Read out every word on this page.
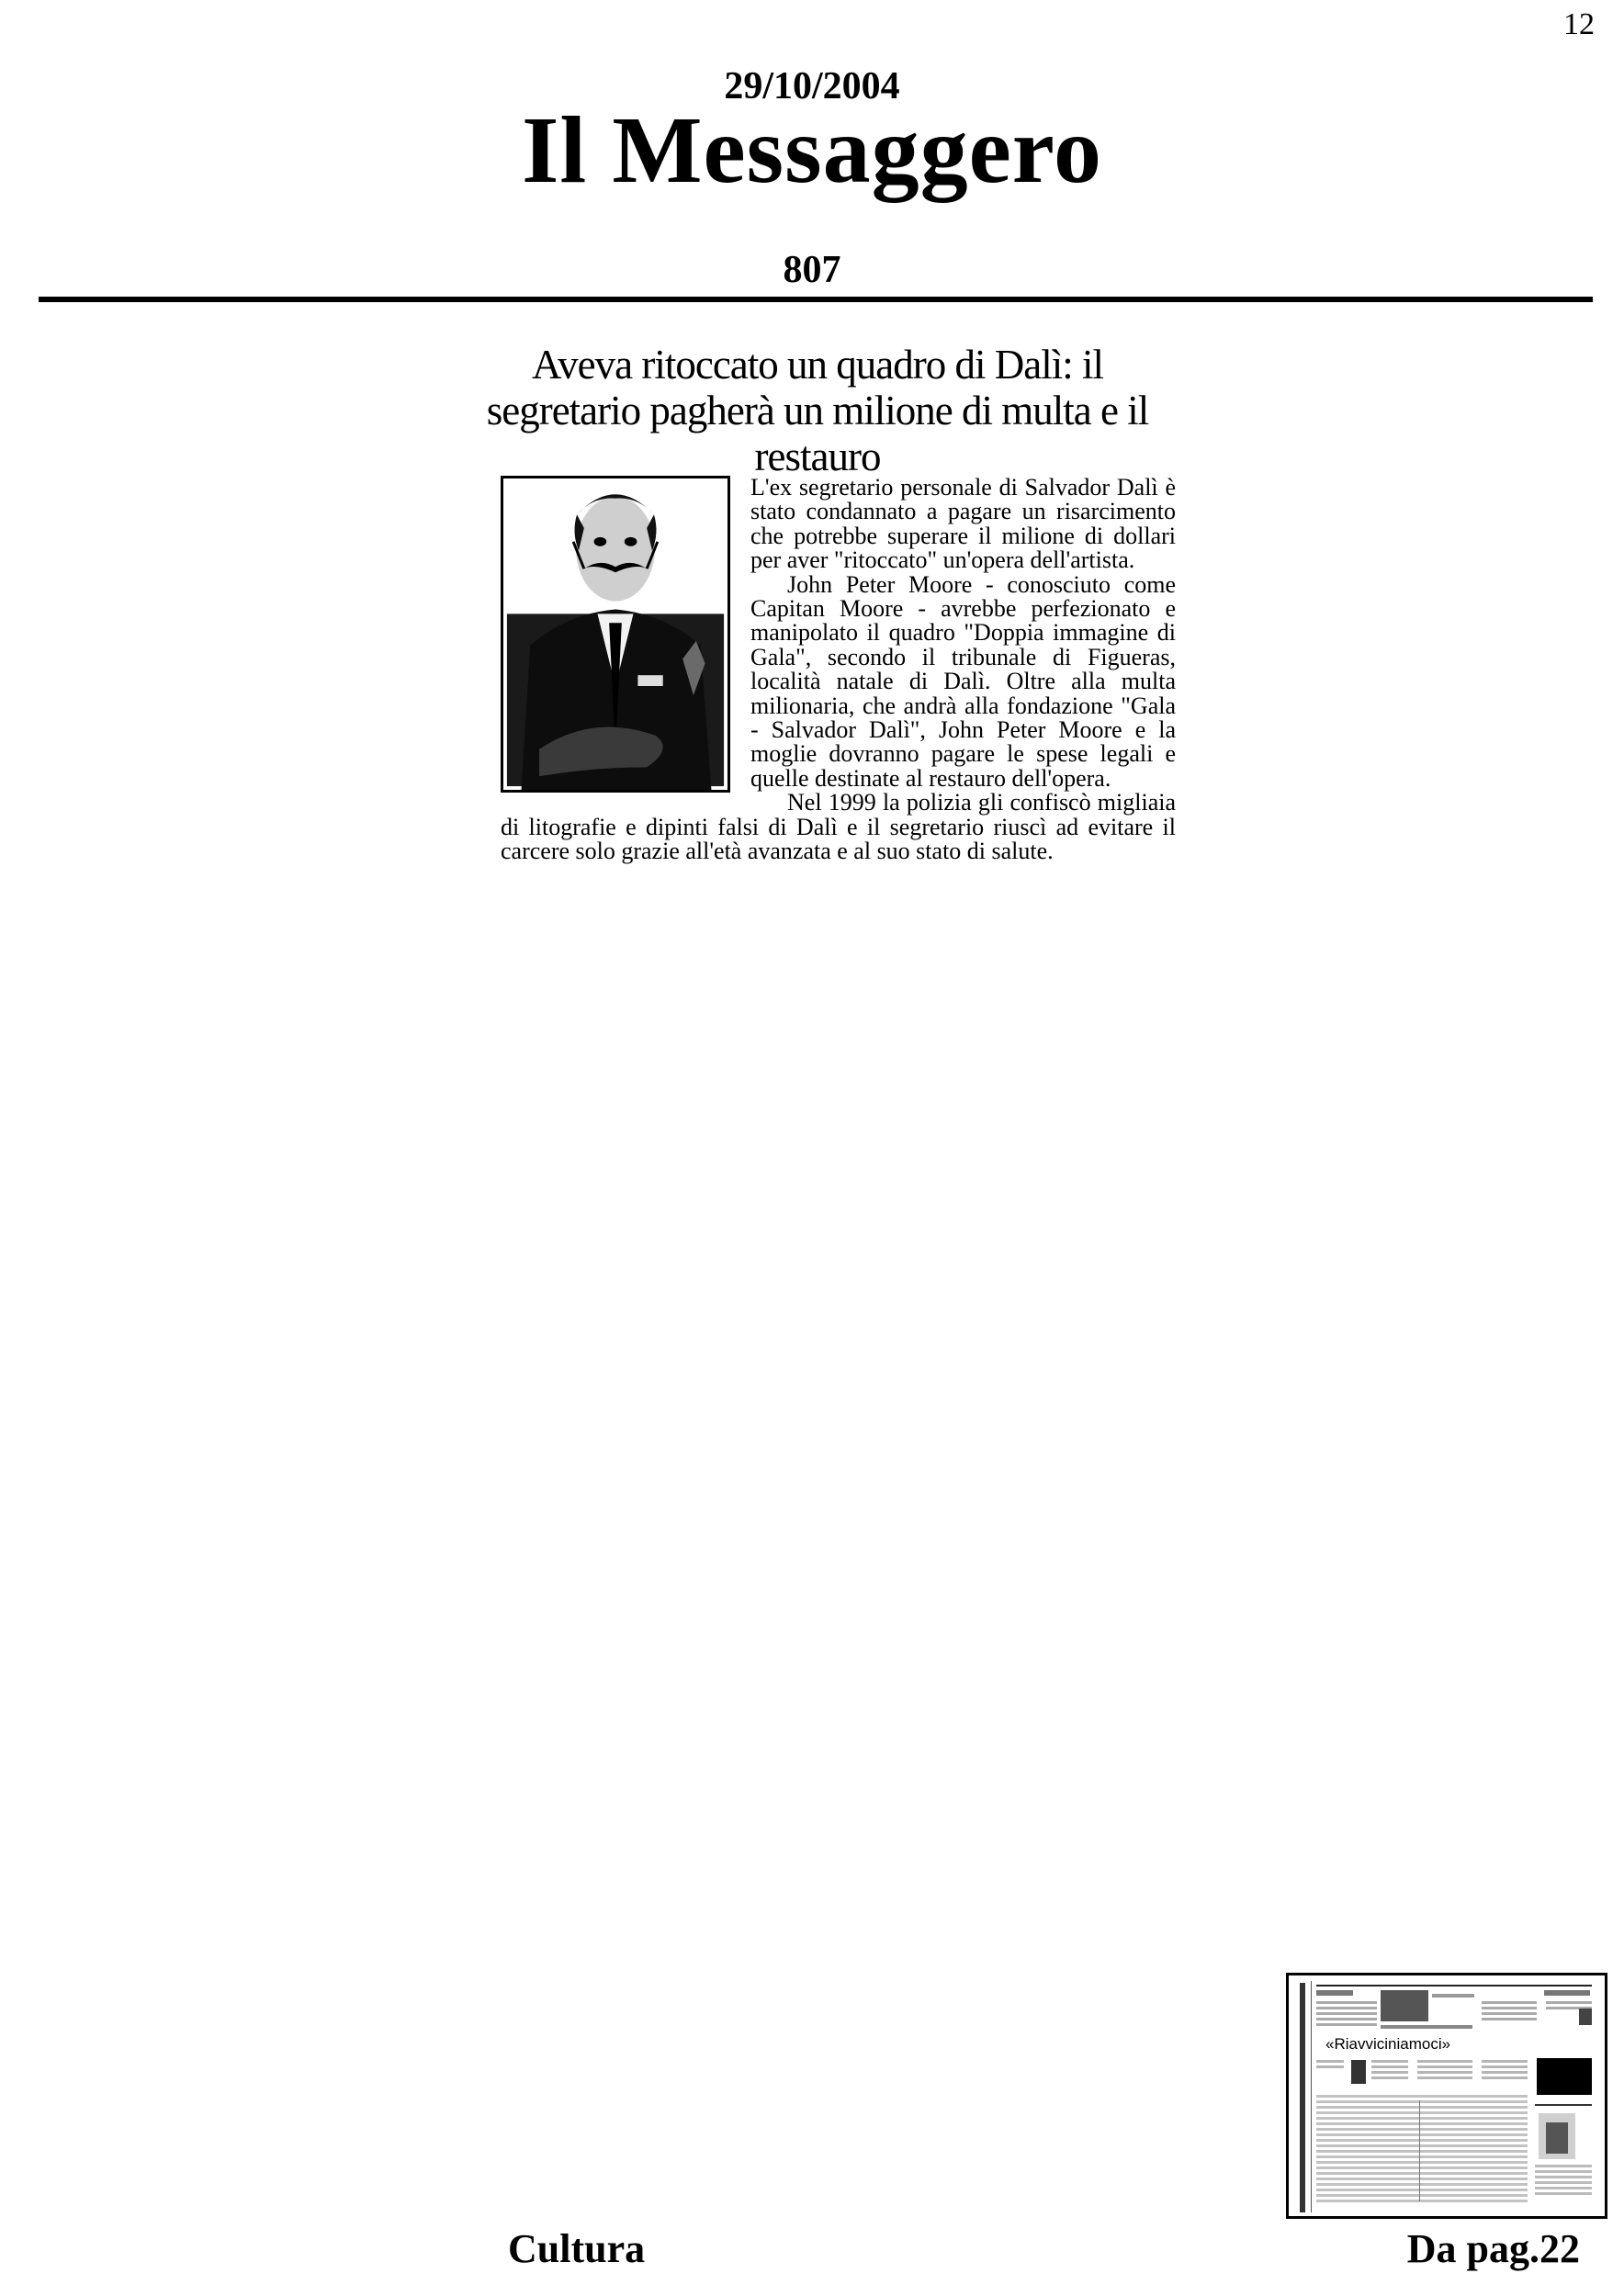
12
29/10/2004
Il Messaggero
807
Aveva ritoccato un quadro di Dalì: il segretario pagherà un milione di multa e il restauro

L'ex segretario personale di Salvador Dalì è stato condannato a pagare un risarcimento che potrebbe superare il milione di dollari per aver "ritoccato" un'opera dell'artista.

John Peter Moore - conosciuto come Capitan Moore - avrebbe perfezionato e manipolato il quadro "Doppia immagine di Gala", secondo il tribunale di Figueras, località natale di Dalì. Oltre alla multa milionaria, che andrà alla fondazione "Gala - Salvador Dalì", John Peter Moore e la moglie dovranno pagare le spese legali e quelle destinate al restauro dell'opera.

Nel 1999 la polizia gli confiscò migliaia di litografie e dipinti falsi di Dalì e il segretario riuscì ad evitare il carcere solo grazie all'età avanzata e al suo stato di salute.

«Riavviciniamoci»
Cultura	Da pag.22
